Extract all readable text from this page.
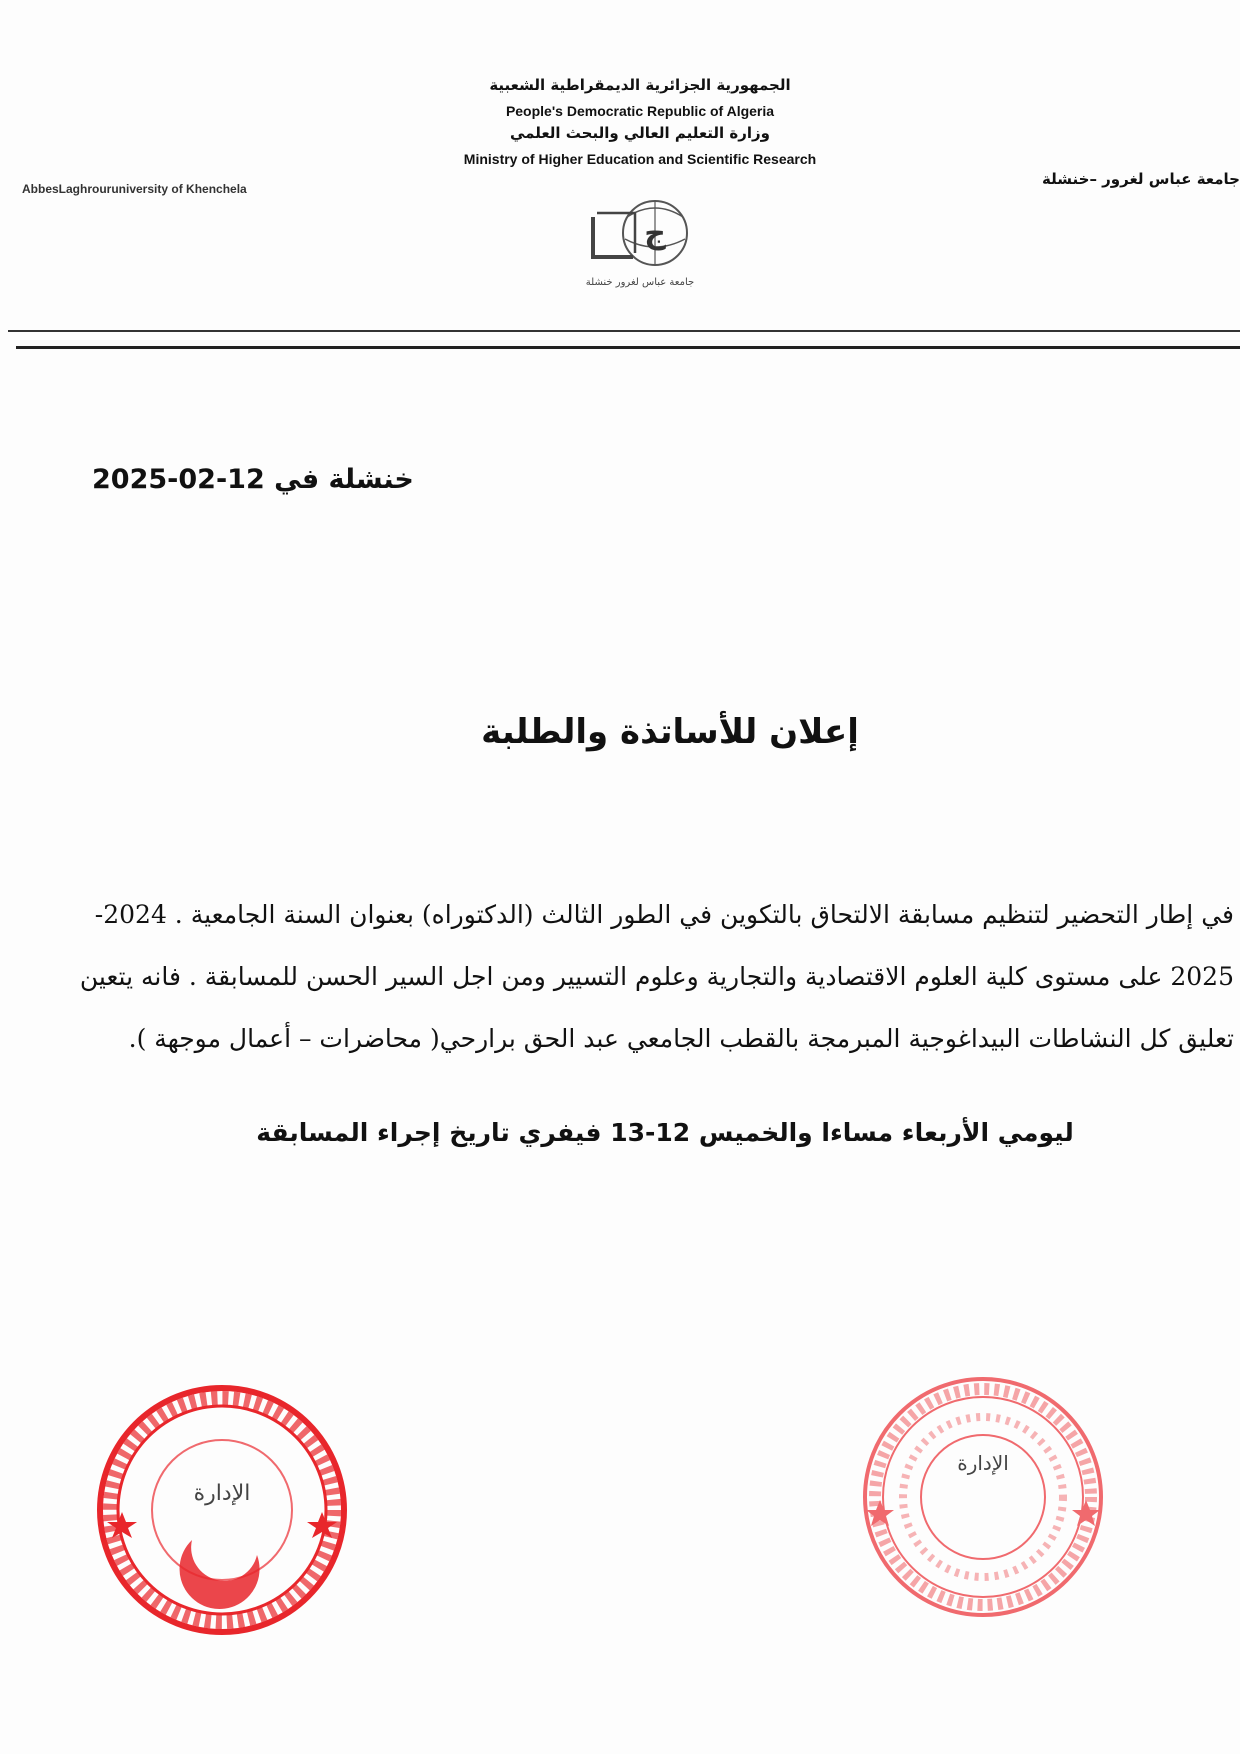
الجمهورية الجزائرية الديمقراطية الشعبية
People's Democratic Republic of Algeria
وزارة التعليم العالي والبحث العلمي
Ministry of Higher Education and Scientific Research
AbbesLaghrouruniversity of Khenchela
جامعة عباس لغرور –خنشلة
ج
جامعة عباس لغرور خنشلة
خنشلة في 12-02-2025
إعلان للأساتذة والطلبة
في إطار التحضير لتنظيم مسابقة الالتحاق بالتكوين في الطور الثالث (الدكتوراه) بعنوان السنة الجامعية . 2024-
2025 على مستوى كلية العلوم الاقتصادية والتجارية وعلوم التسيير ومن اجل السير الحسن للمسابقة . فانه يتعين
تعليق كل النشاطات البيداغوجية المبرمجة بالقطب الجامعي عبد الحق برارحي( محاضرات – أعمال موجهة ).
ليومي الأربعاء مساءا والخميس 12-13 فيفري تاريخ إجراء المسابقة
الإدارة
الإدارة
